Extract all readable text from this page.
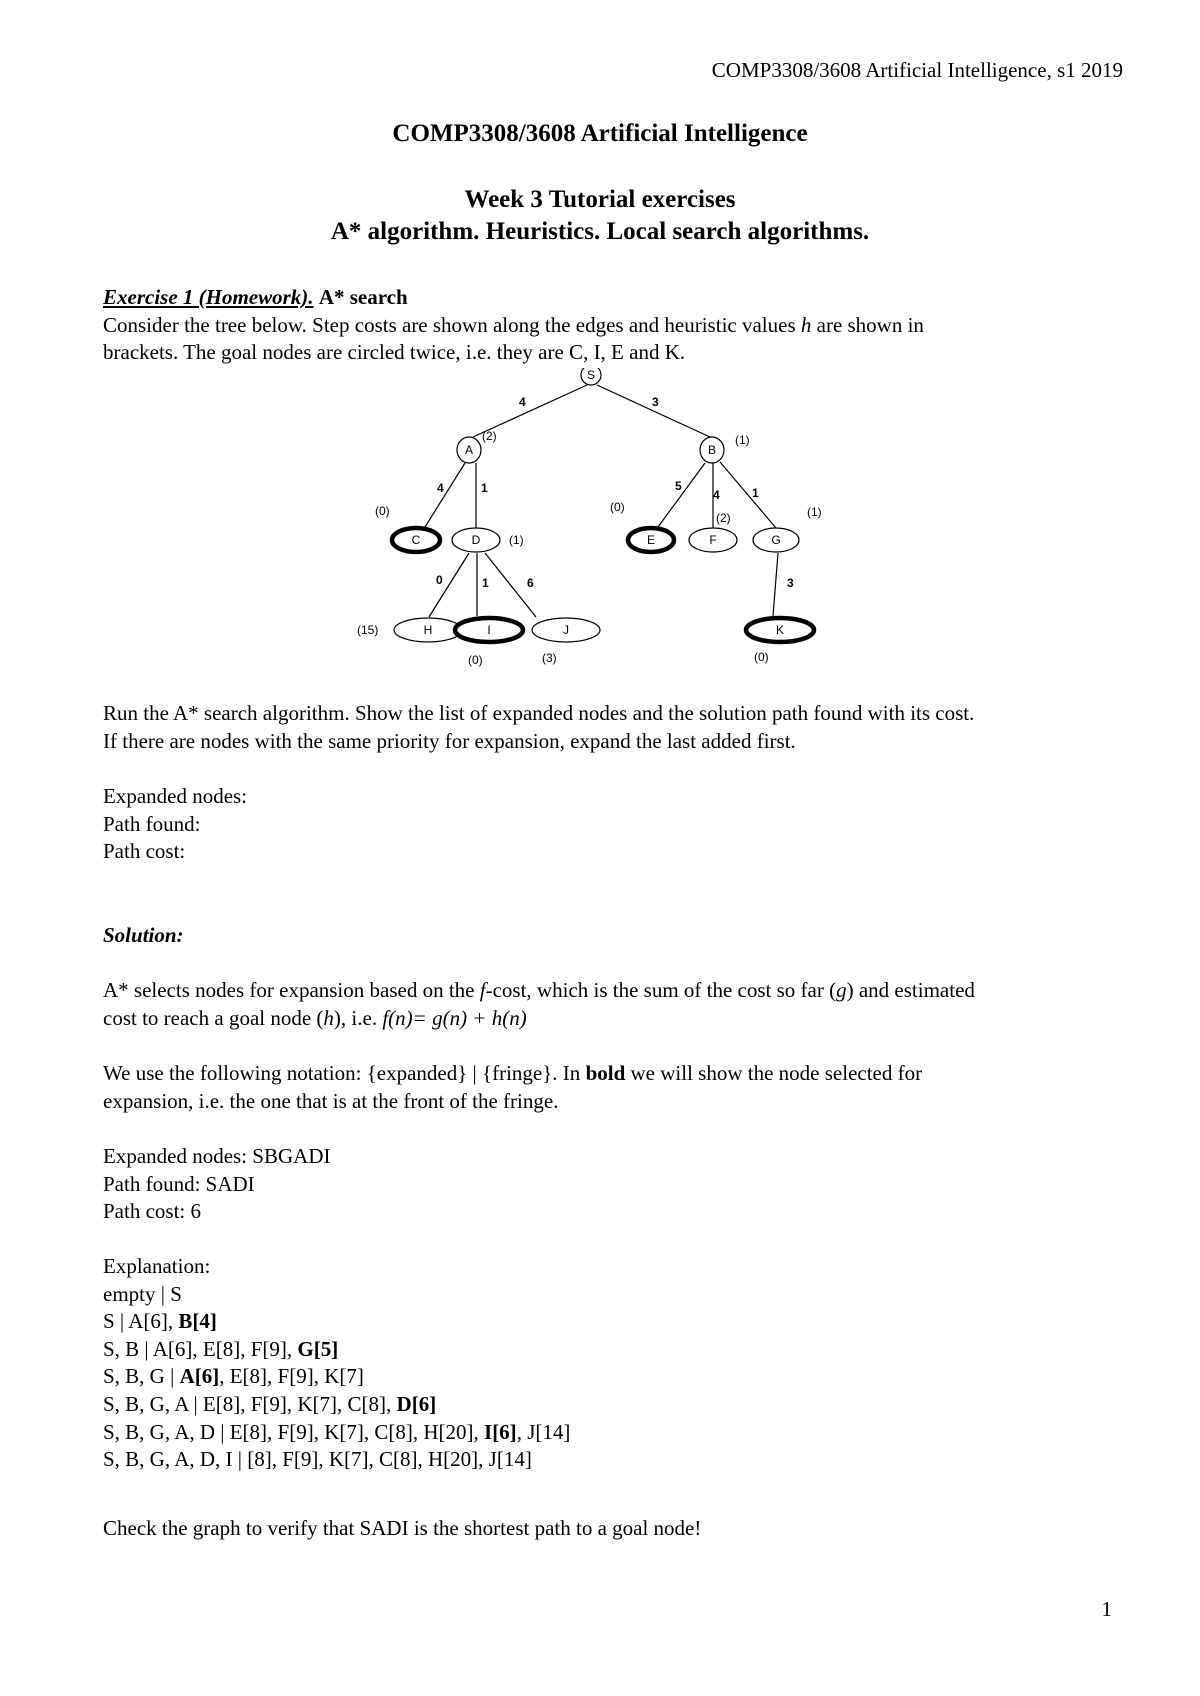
COMP3308/3608 Artificial Intelligence, s1 2019
COMP3308/3608 Artificial Intelligence
Week 3 Tutorial exercises
A* algorithm. Heuristics. Local search algorithms.
Exercise 1 (Homework). A* search
Consider the tree below. Step costs are shown along the edges and heuristic values h are shown in
brackets. The goal nodes are circled twice, i.e. they are C, I, E and K.
S
A	B
C	D	E	F	G
H	I	J	K
(2)	(1)
(0)
(1)
(0)
(2)	(1)
(15)
(0)	(3)	(0)
4	3
4	1	5
4	1
0	1	6	3
Run the A* search algorithm. Show the list of expanded nodes and the solution path found with its cost.
If there are nodes with the same priority for expansion, expand the last added first.
Expanded nodes:
Path found:
Path cost:
Solution:
A* selects nodes for expansion based on the f-cost, which is the sum of the cost so far (g) and estimated
cost to reach a goal node (h), i.e. f(n)= g(n) + h(n)
We use the following notation: {expanded} | {fringe}. In bold we will show the node selected for
expansion, i.e. the one that is at the front of the fringe.
Expanded nodes: SBGADI
Path found: SADI
Path cost: 6
Explanation:
empty | S
S | A[6], B[4]
S, B | A[6], E[8], F[9], G[5]
S, B, G | A[6], E[8], F[9], K[7]
S, B, G, A | E[8], F[9], K[7], C[8], D[6]
S, B, G, A, D | E[8], F[9], K[7], C[8], H[20], I[6], J[14]
S, B, G, A, D, I | [8], F[9], K[7], C[8], H[20], J[14]
Check the graph to verify that SADI is the shortest path to a goal node!
1
